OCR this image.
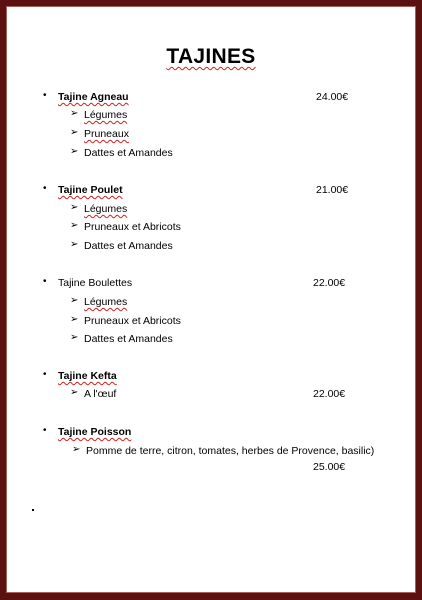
TAJINES
• Tajine Agneau	24.00€
➢ Légumes
➢ Pruneaux
➢ Dattes et Amandes
• Tajine Poulet	21.00€
➢ Légumes
➢ Pruneaux et Abricots
➢ Dattes et Amandes
• Tajine Boulettes	22.00€
➢ Légumes
➢ Pruneaux et Abricots
➢ Dattes et Amandes
• Tajine Kefta
➢ A l'œuf	22.00€
• Tajine Poisson
➢ Pomme de terre, citron, tomates, herbes de Provence, basilic)
25.00€
